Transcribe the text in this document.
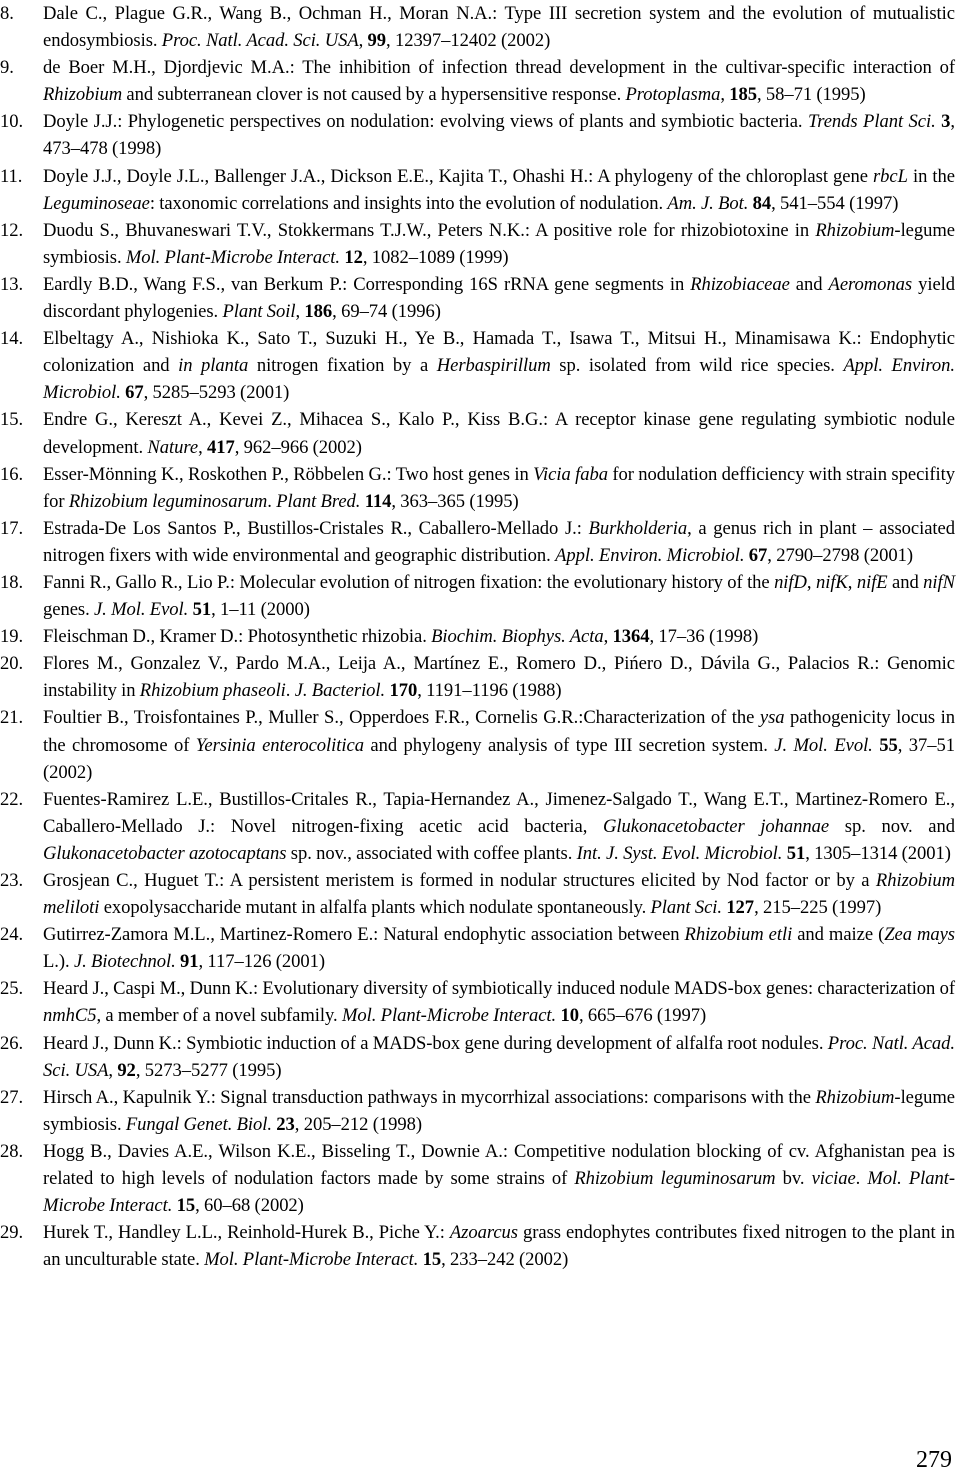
8.	Dale C., Plague G.R., Wang B., Ochman H., Moran N.A.: Type III secretion system and the evolution of mutualistic endosymbiosis. Proc. Natl. Acad. Sci. USA, 99, 12397–12402 (2002)
9.	de Boer M.H., Djordjevic M.A.: The inhibition of infection thread development in the cultivar-specific interaction of Rhizobium and subterranean clover is not caused by a hypersensitive response. Protoplasma, 185, 58–71 (1995)
10.	Doyle J.J.: Phylogenetic perspectives on nodulation: evolving views of plants and symbiotic bacteria. Trends Plant Sci. 3, 473–478 (1998)
11.	Doyle J.J., Doyle J.L., Ballenger J.A., Dickson E.E., Kajita T., Ohashi H.: A phylogeny of the chloroplast gene rbcL in the Leguminoseae: taxonomic correlations and insights into the evolution of nodulation. Am. J. Bot. 84, 541–554 (1997)
12.	Duodu S., Bhuvaneswari T.V., Stokkermans T.J.W., Peters N.K.: A positive role for rhizobiotoxine in Rhizobium-legume symbiosis. Mol. Plant-Microbe Interact. 12, 1082–1089 (1999)
13.	Eardly B.D., Wang F.S., van Berkum P.: Corresponding 16S rRNA gene segments in Rhizobiaceae and Aeromonas yield discordant phylogenies. Plant Soil, 186, 69–74 (1996)
14.	Elbeltagy A., Nishioka K., Sato T., Suzuki H., Ye B., Hamada T., Isawa T., Mitsui H., Minamisawa K.: Endophytic colonization and in planta nitrogen fixation by a Herbaspirillum sp. isolated from wild rice species. Appl. Environ. Microbiol. 67, 5285–5293 (2001)
15.	Endre G., Kereszt A., Kevei Z., Mihacea S., Kalo P., Kiss B.G.: A receptor kinase gene regulating symbiotic nodule development. Nature, 417, 962–966 (2002)
16.	Esser-Mönning K., Roskothen P., Röbbelen G.: Two host genes in Vicia faba for nodulation defficiency with strain specifity for Rhizobium leguminosarum. Plant Bred. 114, 363–365 (1995)
17.	Estrada-De Los Santos P., Bustillos-Cristales R., Caballero-Mellado J.: Burkholderia, a genus rich in plant – associated nitrogen fixers with wide environmental and geographic distribution. Appl. Environ. Microbiol. 67, 2790–2798 (2001)
18.	Fanni R., Gallo R., Lio P.: Molecular evolution of nitrogen fixation: the evolutionary history of the nifD, nifK, nifE and nifN genes. J. Mol. Evol. 51, 1–11 (2000)
19.	Fleischman D., Kramer D.: Photosynthetic rhizobia. Biochim. Biophys. Acta, 1364, 17–36 (1998)
20.	Flores M., Gonzalez V., Pardo M.A., Leija A., Martínez E., Romero D., Pińero D., Dávila G., Palacios R.: Genomic instability in Rhizobium phaseoli. J. Bacteriol. 170, 1191–1196 (1988)
21.	Foultier B., Troisfontaines P., Muller S., Opperdoes F.R., Cornelis G.R.:Characterization of the ysa pathogenicity locus in the chromosome of Yersinia enterocolitica and phylogeny analysis of type III secretion system. J. Mol. Evol. 55, 37–51 (2002)
22.	Fuentes-Ramirez L.E., Bustillos-Critales R., Tapia-Hernandez A., Jimenez-Salgado T., Wang E.T., Martinez-Romero E., Caballero-Mellado J.: Novel nitrogen-fixing acetic acid bacteria, Glukonacetobacter johannae sp. nov. and Glukonacetobacter azotocaptans sp. nov., associated with coffee plants. Int. J. Syst. Evol. Microbiol. 51, 1305–1314 (2001)
23.	Grosjean C., Huguet T.: A persistent meristem is formed in nodular structures elicited by Nod factor or by a Rhizobium meliloti exopolysaccharide mutant in alfalfa plants which nodulate spontaneously. Plant Sci. 127, 215–225 (1997)
24.	Gutirrez-Zamora M.L., Martinez-Romero E.: Natural endophytic association between Rhizobium etli and maize (Zea mays L.). J. Biotechnol. 91, 117–126 (2001)
25.	Heard J., Caspi M., Dunn K.: Evolutionary diversity of symbiotically induced nodule MADS-box genes: characterization of nmhC5, a member of a novel subfamily. Mol. Plant-Microbe Interact. 10, 665–676 (1997)
26.	Heard J., Dunn K.: Symbiotic induction of a MADS-box gene during development of alfalfa root nodules. Proc. Natl. Acad. Sci. USA, 92, 5273–5277 (1995)
27.	Hirsch A., Kapulnik Y.: Signal transduction pathways in mycorrhizal associations: comparisons with the Rhizobium-legume symbiosis. Fungal Genet. Biol. 23, 205–212 (1998)
28.	Hogg B., Davies A.E., Wilson K.E., Bisseling T., Downie A.: Competitive nodulation blocking of cv. Afghanistan pea is related to high levels of nodulation factors made by some strains of Rhizobium leguminosarum bv. viciae. Mol. Plant-Microbe Interact. 15, 60–68 (2002)
29.	Hurek T., Handley L.L., Reinhold-Hurek B., Piche Y.: Azoarcus grass endophytes contributes fixed nitrogen to the plant in an unculturable state. Mol. Plant-Microbe Interact. 15, 233–242 (2002)
279
